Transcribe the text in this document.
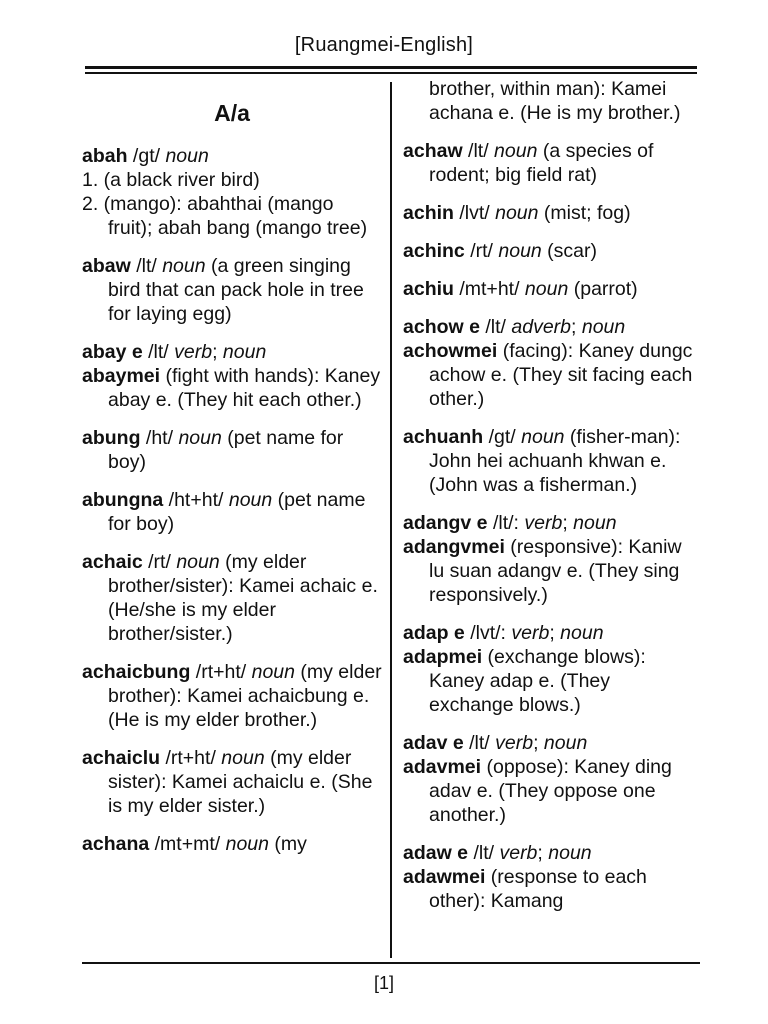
[Ruangmei-English]
A/a
abah /gt/ noun
1. (a black river bird)
2. (mango): abahthai (mango fruit); abah bang (mango tree)
abaw /lt/ noun (a green singing bird that can pack hole in tree for laying egg)
abay e /lt/ verb; noun
abaymei (fight with hands): Kaney abay e. (They hit each other.)
abung /ht/ noun (pet name for boy)
abungna /ht+ht/ noun (pet name for boy)
achaic /rt/ noun (my elder brother/sister): Kamei achaic e. (He/she is my elder brother/sister.)
achaicbung /rt+ht/ noun (my elder brother): Kamei achaicbung e. (He is my elder brother.)
achaiclu /rt+ht/ noun (my elder sister): Kamei achaiclu e. (She is my elder sister.)
achana /mt+mt/ noun (my
brother, within man): Kamei achana e. (He is my brother.)
achaw /lt/ noun (a species of rodent; big field rat)
achin /lvt/ noun (mist; fog)
achinc /rt/ noun (scar)
achiu /mt+ht/ noun (parrot)
achow e /lt/ adverb; noun
achowmei (facing): Kaney dungc achow e. (They sit facing each other.)
achuanh /gt/ noun (fisher-man): John hei achuanh khwan e. (John was a fisherman.)
adangv e /lt/: verb; noun
adangvmei (responsive): Kaniw lu suan adangv e. (They sing responsively.)
adap e /lvt/: verb; noun
adapmei (exchange blows): Kaney adap e. (They exchange blows.)
adav e /lt/ verb; noun
adavmei (oppose): Kaney ding adav e. (They oppose one another.)
adaw e /lt/ verb; noun
adawmei (response to each other): Kamang
[1]
